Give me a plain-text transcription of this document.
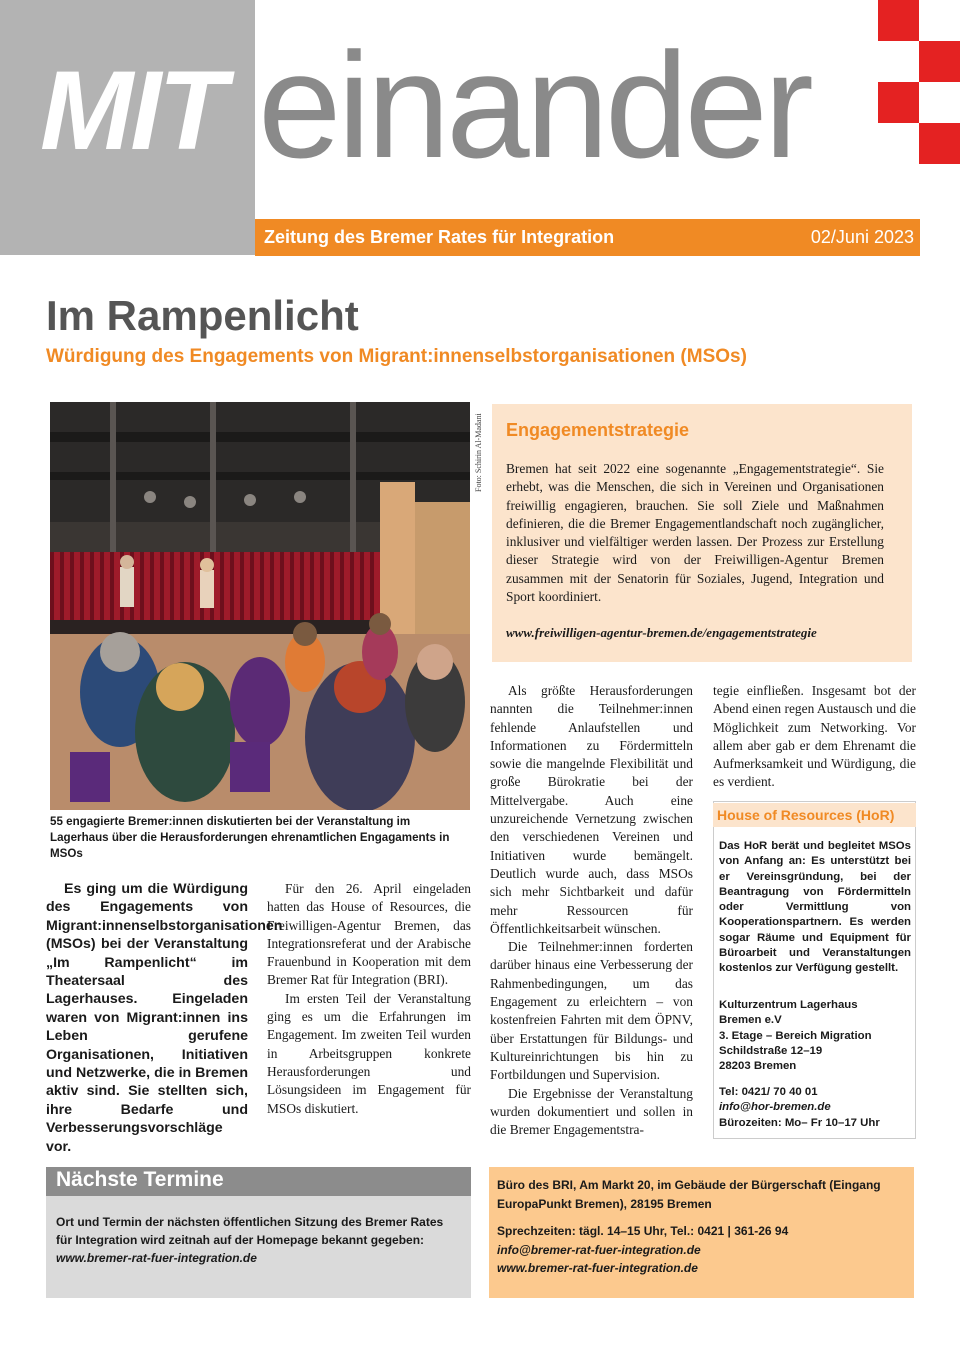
MIT einander
Zeitung des Bremer Rates für Integration	02/Juni 2023
Im Rampenlicht
Würdigung des Engagements von Migrant:innenselbstorganisationen (MSOs)
Foto: Schirin Al-Madani
55 engagierte Bremer:innen diskutierten bei der Veranstaltung im Lagerhaus über die Herausforderungen ehrenamtlichen Engagaments in MSOs
Engagementstrategie
Bremen hat seit 2022 eine sogenannte „Engagementstrategie“. Sie erhebt, was die Menschen, die sich in Vereinen und Organisationen freiwillig engagieren, brauchen. Sie soll Ziele und Maßnahmen definieren, die die Bremer Engagementlandschaft noch zugänglicher, inklusiver und vielfältiger werden lassen. Der Prozess zur Erstellung dieser Strategie wird von der Freiwilligen-Agentur Bremen zusammen mit der Senatorin für Soziales, Jugend, Integration und Sport koordiniert.
www.freiwilligen-agentur-bremen.de/engagementstrategie

Es ging um die Würdigung des Engagements von Migrant:innenselbstorganisationen (MSOs) bei der Veranstaltung „Im Rampenlicht“ im Theatersaal des Lagerhauses. Eingeladen waren von Migrant:innen ins Leben gerufene Organisationen, Initiativen und Netzwerke, die in Bremen aktiv sind. Sie stellten sich, ihre Bedarfe und Verbesserungsvorschläge vor.

Für den 26. April eingeladen hatten das House of Resources, die Freiwilligen-Agentur Bremen, das Integrationsreferat und der Arabische Frauenbund in Kooperation mit dem Bremer Rat für Integration (BRI).

Im ersten Teil der Veranstaltung ging es um die Erfahrungen im Engagement. Im zweiten Teil wurden in Arbeitsgruppen konkrete Herausforderungen und Lösungsideen im Engagement für MSOs diskutiert.

Als größte Herausforderungen nannten die Teilnehmer:innen fehlende Anlaufstellen und Informationen zu Fördermitteln sowie die mangelnde Flexibilität und große Bürokratie bei der Mittelvergabe. Auch eine unzureichende Vernetzung zwischen den verschiedenen Vereinen und Initiativen wurde bemängelt. Deutlich wurde auch, dass MSOs sich mehr Sichtbarkeit und dafür mehr Ressourcen für Öffentlichkeitsarbeit wünschen.

Die Teilnehmer:innen forderten darüber hinaus eine Verbesserung der Rahmenbedingungen, um das Engagement zu erleichtern – von kostenfreien Fahrten mit dem ÖPNV, über Erstattungen für Bildungs- und Kultureinrichtungen bis hin zu Fortbildungen und Supervision.

Die Ergebnisse der Veranstaltung wurden dokumentiert und sollen in die Bremer Engagementstra-

tegie einfließen. Insgesamt bot der Abend einen regen Austausch und die Möglichkeit zum Networking. Vor allem aber gab er dem Ehrenamt die Aufmerksamkeit und Würdigung, die es verdient.

House of Resources (HoR)
Das HoR berät und begleitet MSOs von Anfang an: Es unterstützt bei er Vereinsgründung, bei der Beantragung von Fördermitteln oder Vermittlung von Kooperationspartnern. Es werden sogar Räume und Equipment für Büroarbeit und Veranstaltungen kostenlos zur Verfügung gestellt.
Kulturzentrum Lagerhaus
Bremen e.V
3. Etage – Bereich Migration
Schildstraße 12–19
28203 Bremen
Tel: 0421/ 70 40 01
info@hor-bremen.de
Bürozeiten: Mo– Fr 10–17 Uhr
Nächste Termine
Ort und Termin der nächsten öffentlichen Sitzung des Bremer Rates für Integration wird zeitnah auf der Homepage bekannt gegeben:
www.bremer-rat-fuer-integration.de
Büro des BRI, Am Markt 20, im Gebäude der Bürgerschaft (Eingang EuropaPunkt Bremen), 28195 Bremen
Sprechzeiten: tägl. 14–15 Uhr, Tel.: 0421 | 361-26 94
info@bremer-rat-fuer-integration.de
www.bremer-rat-fuer-integration.de
